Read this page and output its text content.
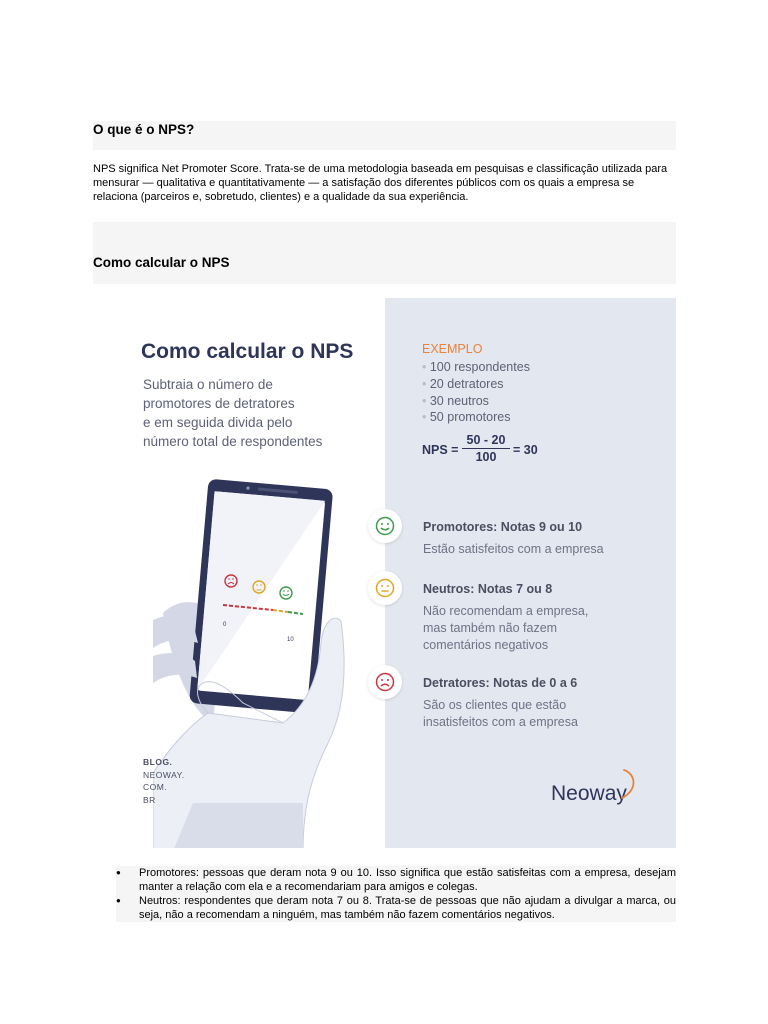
O que é o NPS?

NPS significa Net Promoter Score. Trata-se de uma metodologia baseada em pesquisas e classificação utilizada para mensurar — qualitativa e quantitativamente — a satisfação dos diferentes públicos com os quais a empresa se relaciona (parceiros e, sobretudo, clientes) e a qualidade da sua experiência.

Como calcular o NPS
Como calcular o NPS
Subtraia o número de
promotores de detratores
e em seguida divida pelo
número total de respondentes
0
10
EXEMPLO
• 100 respondentes
• 20 detratores
• 30 neutros
• 50 promotores
NPS = $\frac{50 - 20}{100} = 30$
Promotores: Notas 9 ou 10
Estão satisfeitos com a empresa
Neutros: Notas 7 ou 8
Não recomendam a empresa,
mas também não fazem
comentários negativos
Detratores: Notas de 0 a 6
São os clientes que estão
insatisfeitos com a empresa
BLOG.
NEOWAY.
COM.
BR	Neoway
● Promotores: pessoas que deram nota 9 ou 10. Isso significa que estão satisfeitas com a empresa, desejam manter a relação com ela e a recomendariam para amigos e colegas.
● Neutros: respondentes que deram nota 7 ou 8. Trata-se de pessoas que não ajudam a divulgar a marca, ou seja, não a recomendam a ninguém, mas também não fazem comentários negativos.
